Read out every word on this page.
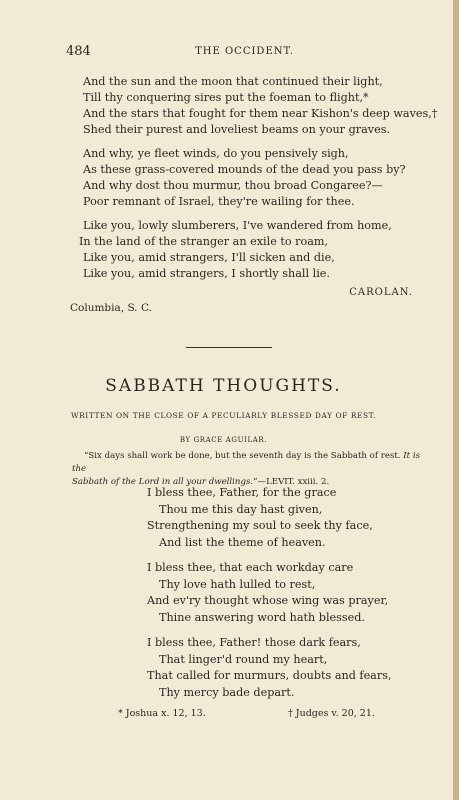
484	THE OCCIDENT.
And the sun and the moon that continued their light,
Till thy conquering sires put the foeman to flight,*
And the stars that fought for them near Kishon's deep waves,†
Shed their purest and loveliest beams on your graves.
And why, ye fleet winds, do you pensively sigh,
As these grass-covered mounds of the dead you pass by?
And why dost thou murmur, thou broad Congaree?—
Poor remnant of Israel, they're wailing for thee.
Like you, lowly slumberers, I've wandered from home,
In the land of the stranger an exile to roam,
Like you, amid strangers, I'll sicken and die,
Like you, amid strangers, I shortly shall lie.
CAROLAN.
Columbia, S. C.
SABBATH THOUGHTS.
WRITTEN ON THE CLOSE OF A PECULIARLY BLESSED DAY OF REST.
BY GRACE AGUILAR.
“Six days shall work be done, but the seventh day is the Sabbath of rest. It is the
Sabbath of the Lord in all your dwellings.”—LEVIT. xxiii. 2.
I bless thee, Father, for the grace
Thou me this day hast given,
Strengthening my soul to seek thy face,
And list the theme of heaven.
I bless thee, that each workday care
Thy love hath lulled to rest,
And ev'ry thought whose wing was prayer,
Thine answering word hath blessed.
I bless thee, Father! those dark fears,
That linger'd round my heart,
That called for murmurs, doubts and fears,
Thy mercy bade depart.
* Joshua x. 12, 13.	† Judges v. 20, 21.
